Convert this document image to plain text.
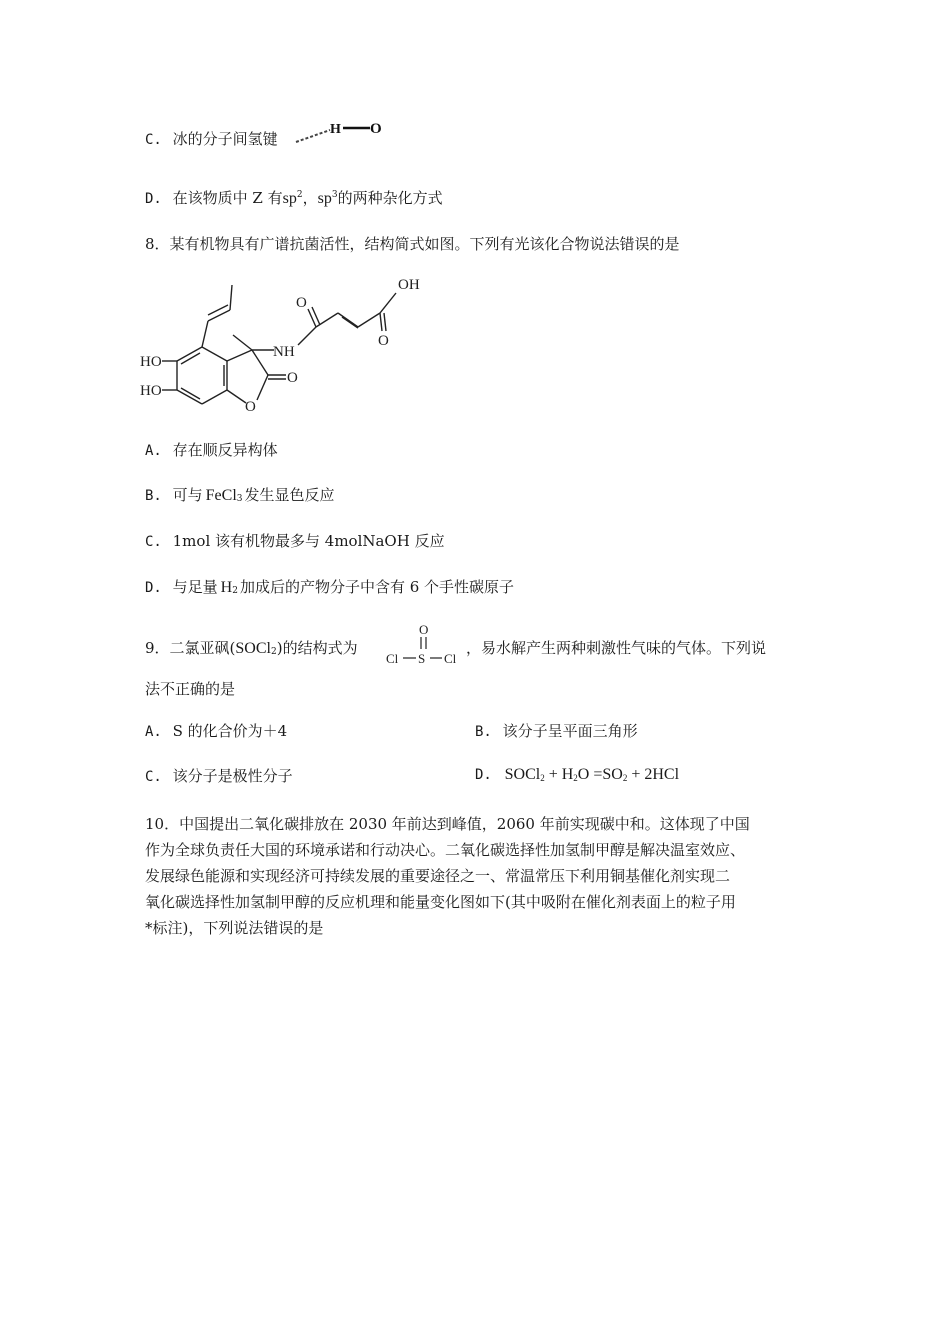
C. 冰的分子间氢键
H O
D. 在该物质中 Z 有$sp^2$，$sp^3$的两种杂化方式
8．某有机物具有广谱抗菌活性，结构简式如图。下列有光该化合物说法错误的是
OH
O
O
NH
HO
HO
O
O
A. 存在顺反异构体
B. 可与 FeCl$_3$ 发生显色反应
C. 1mol 该有机物最多与 4molNaOH 反应
D. 与足量 $H_2$ 加成后的产物分子中含有 6 个手性碳原子
9．二氯亚砜(SOCl$_2$)的结构式为
O
Cl S Cl
，易水解产生两种刺激性气味的气体。下列说
法不正确的是
A. S 的化合价为＋4	B. 该分子呈平面三角形
C. 该分子是极性分子	D. SOCl2 + H2O =SO2 + 2HCl
10．中国提出二氧化碳排放在 2030 年前达到峰值，2060 年前实现碳中和。这体现了中国
作为全球负责任大国的环境承诺和行动决心。二氧化碳选择性加氢制甲醇是解决温室效应、
发展绿色能源和实现经济可持续发展的重要途径之一、常温常压下利用铜基催化剂实现二
氧化碳选择性加氢制甲醇的反应机理和能量变化图如下(其中吸附在催化剂表面上的粒子用
*标注)，下列说法错误的是
